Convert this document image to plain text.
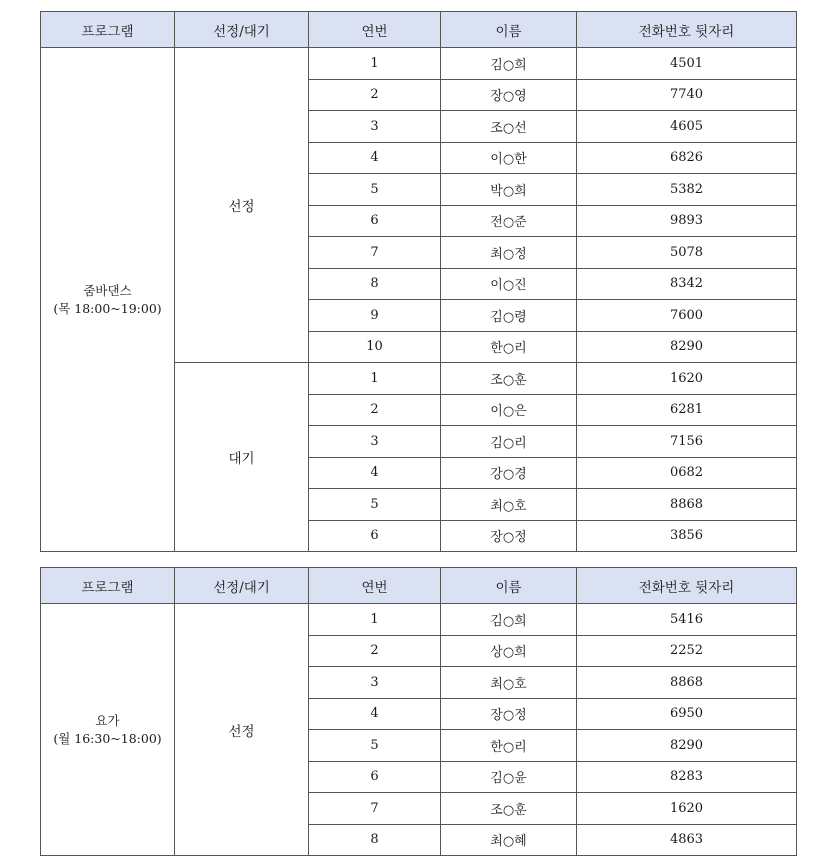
프로그램	선정/대기	연번	이름	전화번호 뒷자리

줌바댄스
(목 18:00~19:00)	선정	1	김○희	4501
		2	장○영	7740
		3	조○선	4605
		4	이○한	6826
		5	박○희	5382
		6	전○준	9893
		7	최○정	5078
		8	이○진	8342
		9	김○령	7600
		10	한○리	8290
	대기	1	조○훈	1620
		2	이○은	6281
		3	김○리	7156
		4	강○경	0682
		5	최○호	8868
		6	장○정	3856
프로그램	선정/대기	연번	이름	전화번호 뒷자리

요가
(월 16:30~18:00)	선정	1	김○희	5416
		2	상○희	2252
		3	최○호	8868
		4	장○정	6950
		5	한○리	8290
		6	김○윤	8283
		7	조○훈	1620
		8	최○혜	4863
